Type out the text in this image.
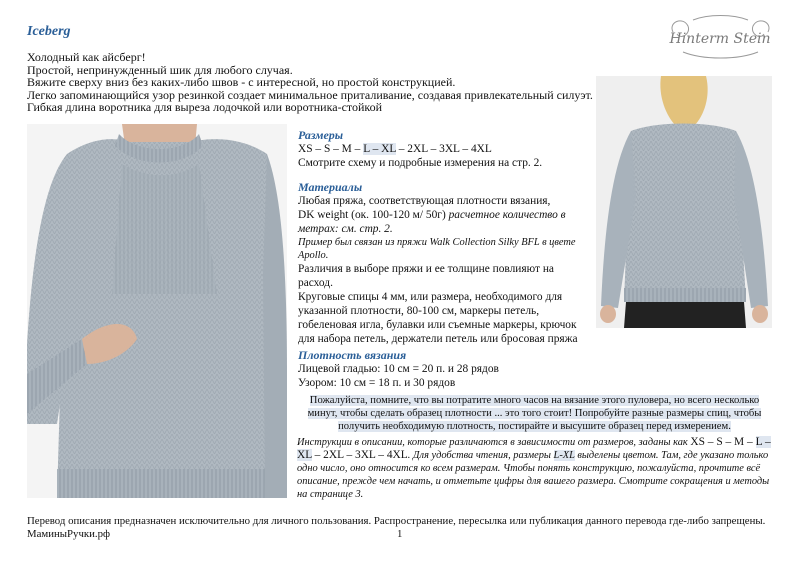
Iceberg	Hinterm Stein
Холодный как айсберг!
Простой, непринужденный шик для любого случая.
Вяжите сверху вниз без каких-либо швов - с интересной, но простой конструкцией.
Легко запоминающийся узор резинкой создает минимальное приталивание, создавая привлекательный силуэт.
Гибкая длина воротника для выреза лодочкой или воротника-стойкой
Размеры
XS – S – M – L – XL – 2XL – 3XL – 4XL
Смотрите схему и подробные измерения на стр. 2.
Материалы
Любая пряжа, соответствующая плотности вязания,
DK weight (ок. 100-120 м/ 50г) расчетное количество в метрах: см. стр. 2.
Пример был связан из пряжи Walk Collection Silky BFL в цвете Apollo.
Различия в выборе пряжи и ее толщине повлияют на расход.
Круговые спицы 4 мм, или размера, необходимого для указанной плотности, 80-100 см, маркеры петель, гобеленовая игла, булавки или съемные маркеры, крючок для набора петель, держатели петель или бросовая пряжа
Плотность вязания
Лицевой гладью: 10 см = 20 п. и 28 рядов
Узором: 10 см = 18 п. и 30 рядов
Пожалуйста, помните, что вы потратите много часов на вязание этого пуловера, но всего несколько минут, чтобы сделать образец плотности ... это того стоит! Попробуйте разные размеры спиц, чтобы получить необходимую плотность, постирайте и высушите образец перед измерением.
Инструкции в описании, которые различаются в зависимости от размеров, заданы как XS – S – M – L – XL – 2XL – 3XL – 4XL. Для удобства чтения, размеры L-XL выделены цветом. Там, где указано только одно число, оно относится ко всем размерам. Чтобы понять конструкцию, пожалуйста, прочтите всё описание, прежде чем начать, и отметьте цифры для вашего размера. Смотрите сокращения и методы на странице 3.
Перевод описания предназначен исключительно для личного пользования. Распространение, пересылка или публикация данного перевода где-либо запрещены.
МаминыРучки.рф	1
